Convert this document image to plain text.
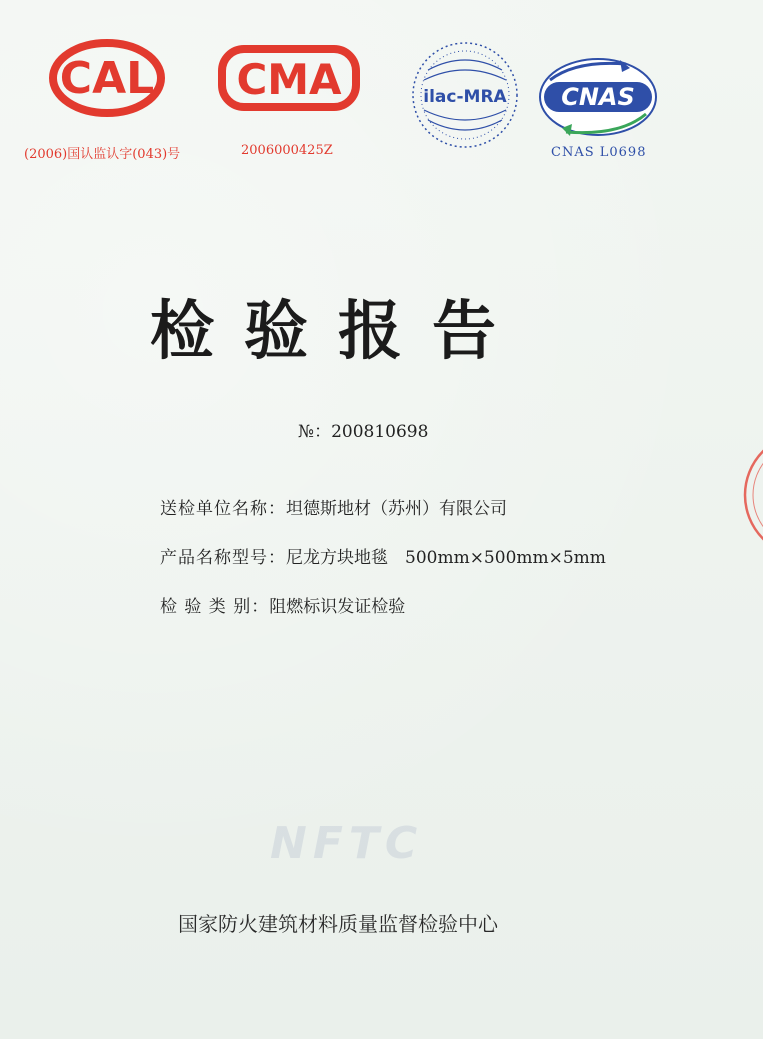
CAL
(2006)国认监认字(043)号
CMA
2006000425Z
ilac-MRA CNAS
CNAS L0698
检验报告
№：200810698
送检单位名称：坦德斯地材（苏州）有限公司
产品名称型号：尼龙方块地毯　500mm×500mm×5mm
检 验 类 别：阻燃标识发证检验
NFTC
国家防火建筑材料质量监督检验中心
